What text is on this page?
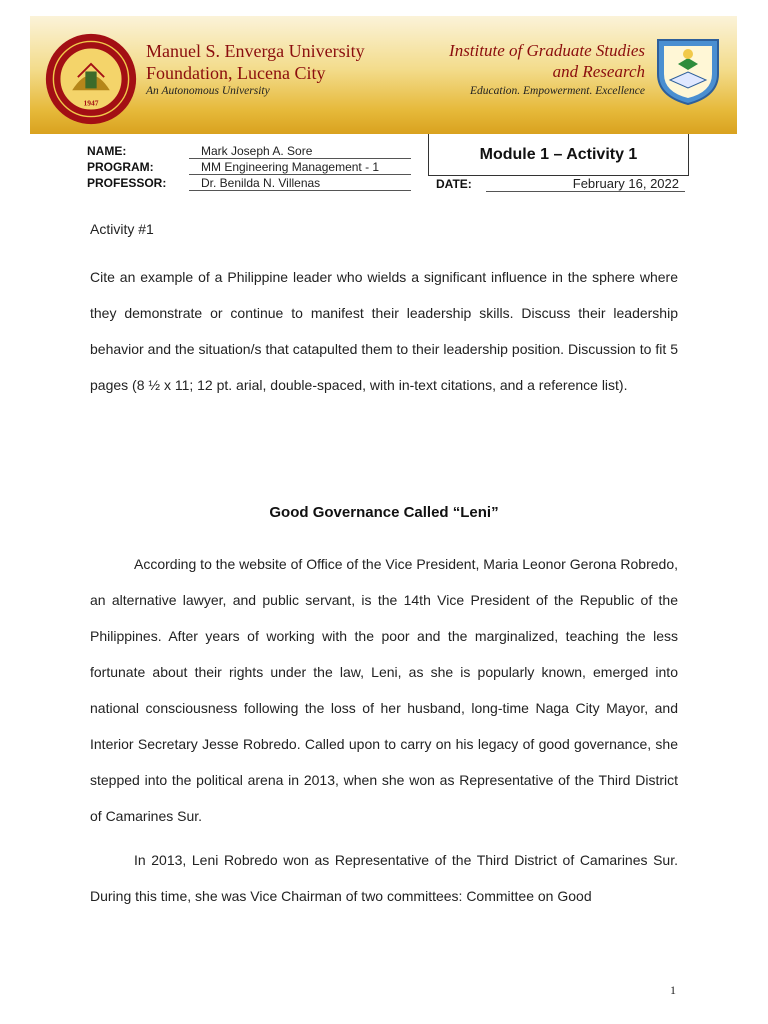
1947
Manuel S. Enverga University
Foundation, Lucena City
An Autonomous University
Institute of Graduate Studies
and Research
Education. Empowerment. Excellence
NAME:	Mark Joseph A. Sore
PROGRAM:	MM Engineering Management - 1
PROFESSOR:	Dr. Benilda N. Villenas
Module 1 – Activity 1
DATE:	February 16, 2022
Activity #1
Cite an example of a Philippine leader who wields a significant influence in the sphere where they demonstrate or continue to manifest their leadership skills. Discuss their leadership behavior and the situation/s that catapulted them to their leadership position. Discussion to fit 5 pages (8 ½ x 11; 12 pt. arial, double-spaced, with in-text citations, and a reference list).
Good Governance Called “Leni”
According to the website of Office of the Vice President, Maria Leonor Gerona Robredo, an alternative lawyer, and public servant, is the 14th Vice President of the Republic of the Philippines. After years of working with the poor and the marginalized, teaching the less fortunate about their rights under the law, Leni, as she is popularly known, emerged into national consciousness following the loss of her husband, long-time Naga City Mayor, and Interior Secretary Jesse Robredo. Called upon to carry on his legacy of good governance, she stepped into the political arena in 2013, when she won as Representative of the Third District of Camarines Sur.
In 2013, Leni Robredo won as Representative of the Third District of Camarines Sur. During this time, she was Vice Chairman of two committees: Committee on Good
1
